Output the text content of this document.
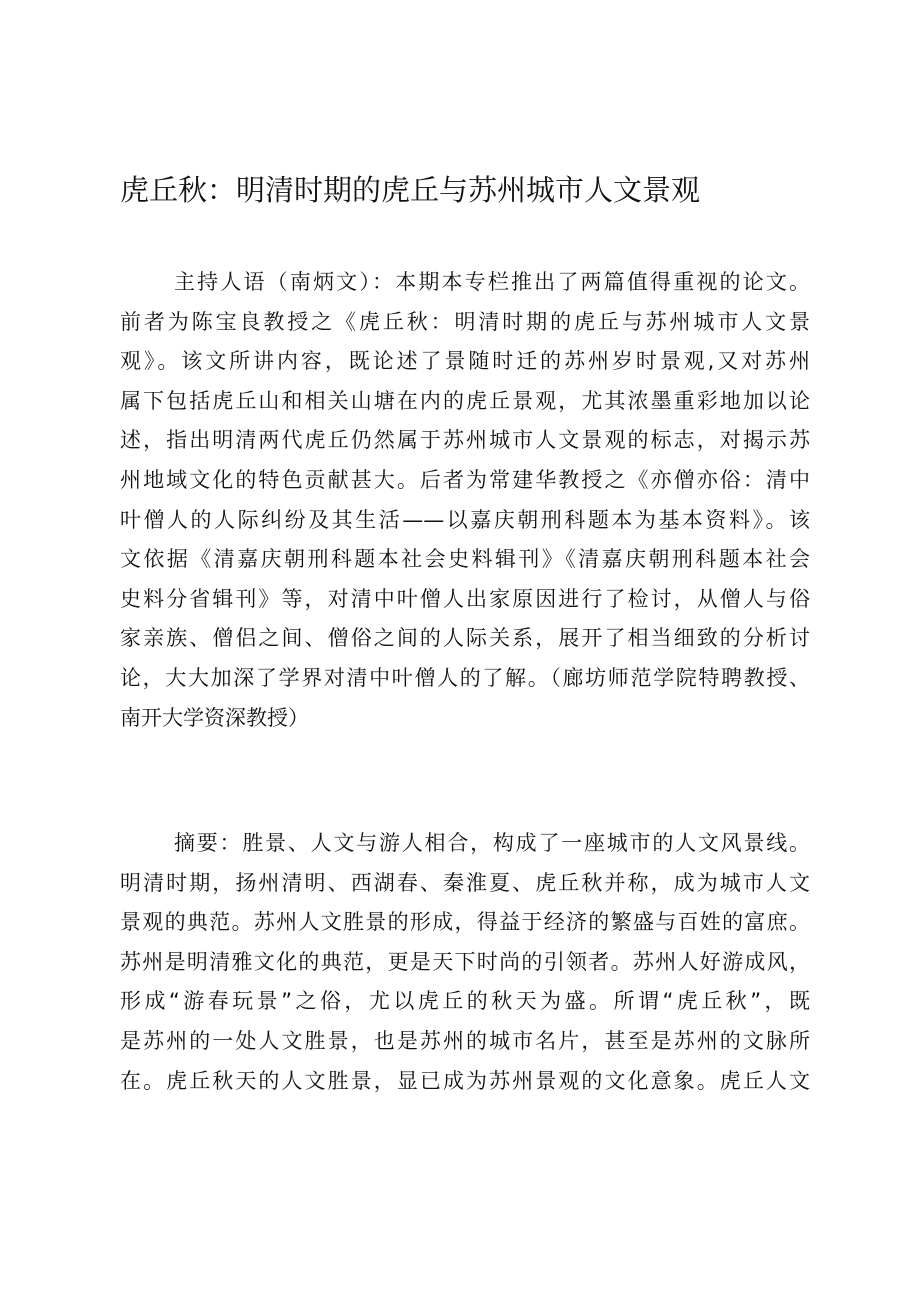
虎丘秋：明清时期的虎丘与苏州城市人文景观
主持人语（南炳文）：本期本专栏推出了两篇值得重视的论文。
前者为陈宝良教授之《虎丘秋：明清时期的虎丘与苏州城市人文景
观》。该文所讲内容，既论述了景随时迁的苏州岁时景观,又对苏州
属下包括虎丘山和相关山塘在内的虎丘景观，尤其浓墨重彩地加以论
述，指出明清两代虎丘仍然属于苏州城市人文景观的标志，对揭示苏
州地域文化的特色贡献甚大。后者为常建华教授之《亦僧亦俗：清中
叶僧人的人际纠纷及其生活——以嘉庆朝刑科题本为基本资料》。该
文依据《清嘉庆朝刑科题本社会史料辑刊》《清嘉庆朝刑科题本社会
史料分省辑刊》等，对清中叶僧人出家原因进行了检讨，从僧人与俗
家亲族、僧侣之间、僧俗之间的人际关系，展开了相当细致的分析讨
论，大大加深了学界对清中叶僧人的了解。（廊坊师范学院特聘教授、
南开大学资深教授）
摘要：胜景、人文与游人相合，构成了一座城市的人文风景线。
明清时期，扬州清明、西湖春、秦淮夏、虎丘秋并称，成为城市人文
景观的典范。苏州人文胜景的形成，得益于经济的繁盛与百姓的富庶。
苏州是明清雅文化的典范，更是天下时尚的引领者。苏州人好游成风，
形成“游春玩景”之俗，尤以虎丘的秋天为盛。所谓“虎丘秋”，既
是苏州的一处人文胜景，也是苏州的城市名片，甚至是苏州的文脉所
在。虎丘秋天的人文胜景，显已成为苏州景观的文化意象。虎丘人文
